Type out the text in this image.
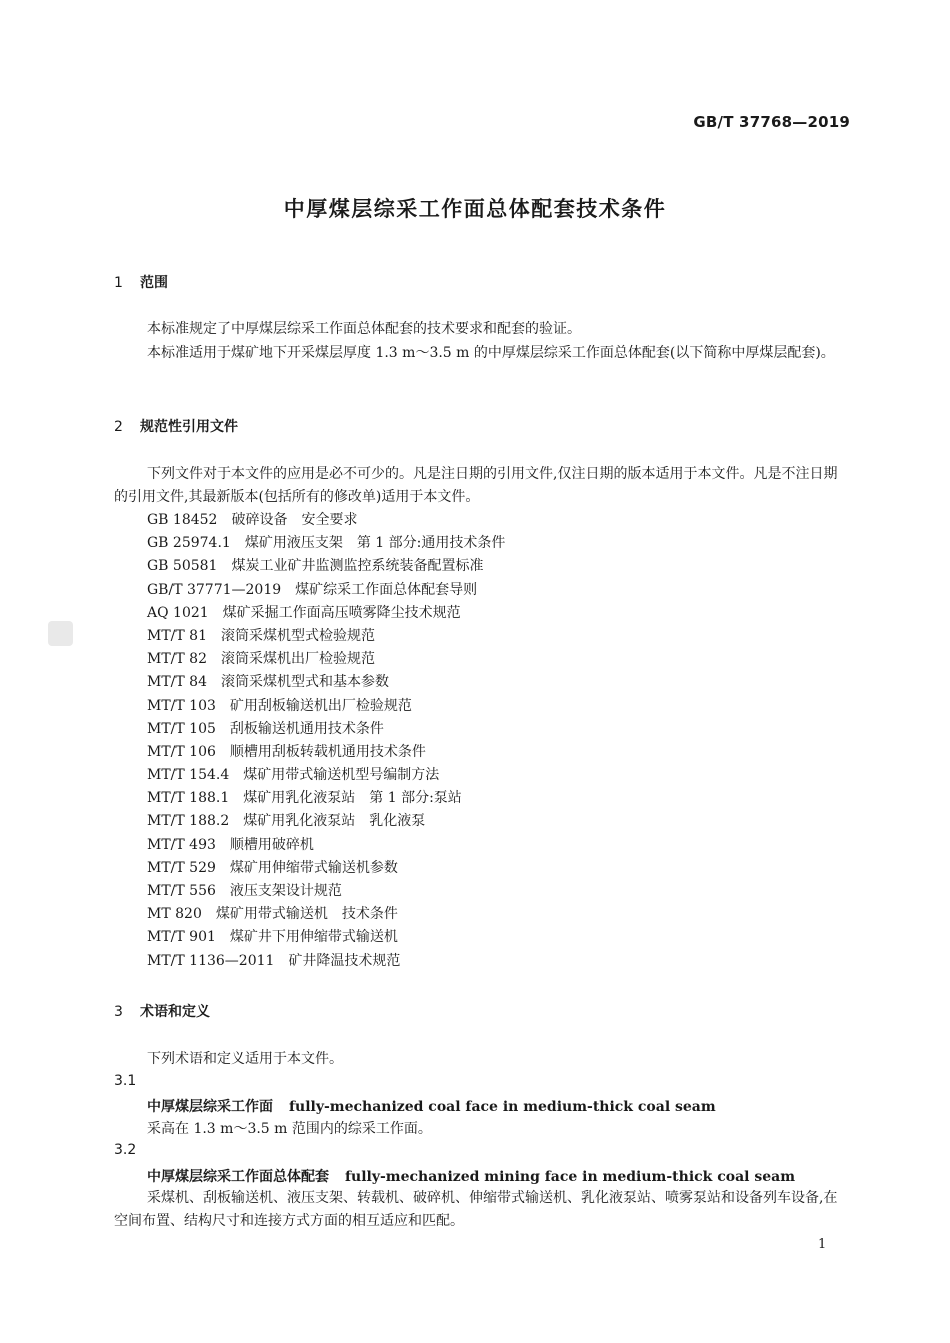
GB/T 37768—2019
中厚煤层综采工作面总体配套技术条件
1 范围
本标准规定了中厚煤层综采工作面总体配套的技术要求和配套的验证。
本标准适用于煤矿地下开采煤层厚度 1.3 m～3.5 m 的中厚煤层综采工作面总体配套(以下简称中厚煤层配套)。
2 规范性引用文件
下列文件对于本文件的应用是必不可少的。凡是注日期的引用文件,仅注日期的版本适用于本文件。凡是不注日期的引用文件,其最新版本(包括所有的修改单)适用于本文件。
GB 18452 破碎设备　安全要求
GB 25974.1 煤矿用液压支架　第 1 部分:通用技术条件
GB 50581 煤炭工业矿井监测监控系统装备配置标准
GB/T 37771—2019 煤矿综采工作面总体配套导则
AQ 1021 煤矿采掘工作面高压喷雾降尘技术规范
MT/T 81 滚筒采煤机型式检验规范
MT/T 82 滚筒采煤机出厂检验规范
MT/T 84 滚筒采煤机型式和基本参数
MT/T 103 矿用刮板输送机出厂检验规范
MT/T 105 刮板输送机通用技术条件
MT/T 106 顺槽用刮板转载机通用技术条件
MT/T 154.4 煤矿用带式输送机型号编制方法
MT/T 188.1 煤矿用乳化液泵站　第 1 部分:泵站
MT/T 188.2 煤矿用乳化液泵站　乳化液泵
MT/T 493 顺槽用破碎机
MT/T 529 煤矿用伸缩带式输送机参数
MT/T 556 液压支架设计规范
MT 820 煤矿用带式输送机　技术条件
MT/T 901 煤矿井下用伸缩带式输送机
MT/T 1136—2011 矿井降温技术规范
3 术语和定义
下列术语和定义适用于本文件。
3.1
中厚煤层综采工作面 fully-mechanized coal face in medium-thick coal seam
采高在 1.3 m～3.5 m 范围内的综采工作面。
3.2
中厚煤层综采工作面总体配套 fully-mechanized mining face in medium-thick coal seam
采煤机、刮板输送机、液压支架、转载机、破碎机、伸缩带式输送机、乳化液泵站、喷雾泵站和设备列车设备,在空间布置、结构尺寸和连接方式方面的相互适应和匹配。
1
